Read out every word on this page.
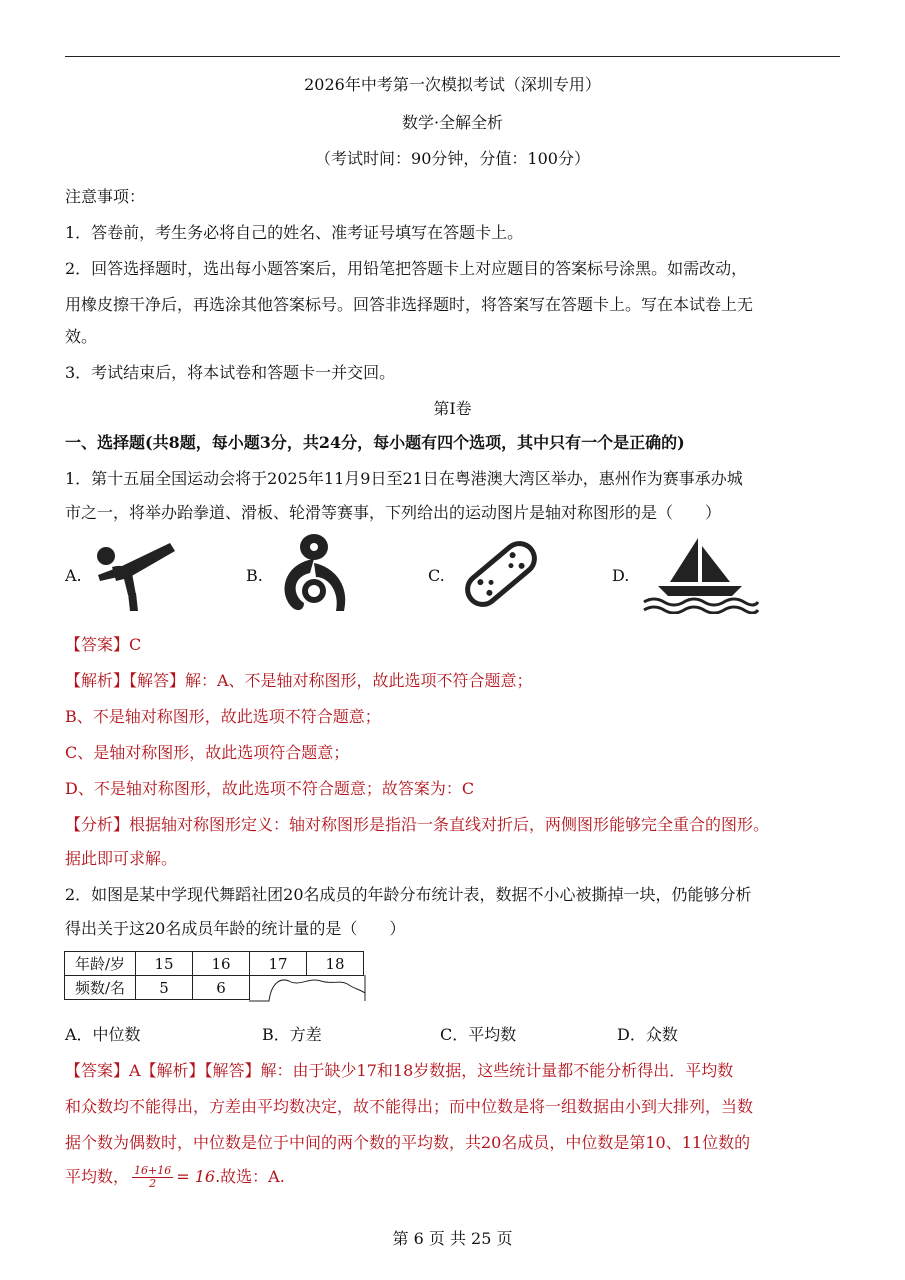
2026年中考第一次模拟考试（深圳专用）
数学·全解全析
（考试时间：90分钟，分值：100分）
注意事项：
1．答卷前，考生务必将自己的姓名、准考证号填写在答题卡上。
2．回答选择题时，选出每小题答案后，用铅笔把答题卡上对应题目的答案标号涂黑。如需改动，
用橡皮擦干净后，再选涂其他答案标号。回答非选择题时，将答案写在答题卡上。写在本试卷上无
效。
3．考试结束后，将本试卷和答题卡一并交回。
第I卷
一、选择题(共8题，每小题3分，共24分，每小题有四个选项，其中只有一个是正确的)
1．第十五届全国运动会将于2025年11月9日至21日在粤港澳大湾区举办，惠州作为赛事承办城
市之一，将举办跆拳道、滑板、轮滑等赛事，下列给出的运动图片是轴对称图形的是（　　）
A.	B.	C.	D.
【答案】C
【解析】【解答】解：A、不是轴对称图形，故此选项不符合题意；
B、不是轴对称图形，故此选项不符合题意；
C、是轴对称图形，故此选项符合题意；
D、不是轴对称图形，故此选项不符合题意；故答案为：C
【分析】根据轴对称图形定义：轴对称图形是指沿一条直线对折后，两侧图形能够完全重合的图形。
据此即可求解。
2．如图是某中学现代舞蹈社团20名成员的年龄分布统计表，数据不小心被撕掉一块，仍能够分析
得出关于这20名成员年龄的统计量的是（　　）
年龄/岁	15	16	17	18
频数/名	5	6	
A．中位数	B．方差	C．平均数	D．众数
【答案】A【解析】【解答】解：由于缺少17和18岁数据，这些统计量都不能分析得出．平均数
和众数均不能得出，方差由平均数决定，故不能得出；而中位数是将一组数据由小到大排列，当数
据个数为偶数时，中位数是位于中间的两个数的平均数，共20名成员，中位数是第10、11位数的
平均数， $\frac{16+16}{2} = 16$.故选：A.
第 6 页 共 25 页
